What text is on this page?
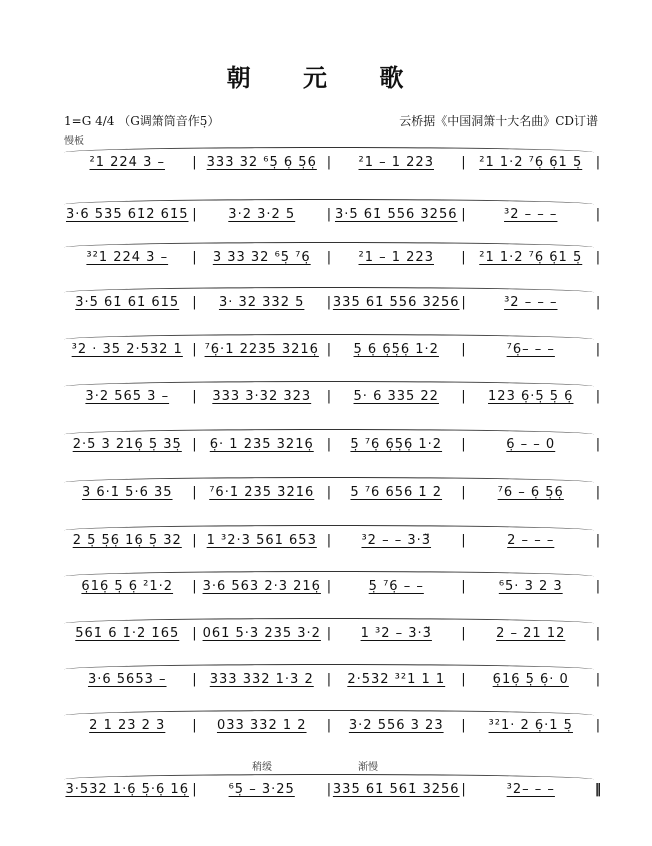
朝 元 歌
1=G 4/4 （G调箫筒音作5̣）	云桥据《中国洞箫十大名曲》CD订谱
慢板
稍缓	渐慢
²1 224 3 – |	333 32 ⁶5̣ 6̣ 5̣6̣ |	²1 – 1 223 |	²1 1·2 ⁷6̣ 6̣1 5̣
|
3·6 535 61̇2̇ 61̇5 |	3·2 3·2 5 |	3·5 61̇ 556 3256 |	³2 – – –
|
³²1 224 3 – |	3 33 32 ⁶5̣ ⁷6̣ |	²1 – 1 223 |	²1 1·2 ⁷6̣ 6̣1 5̣
|
3·5 61̇ 61̇ 61̇5 |	3· 32 332 5 |	335 61̇ 556 3256 |	³2 – – –
|
³2 · 35 2·532 1 |	⁷6̣·1 2235 3216̣ |	5̣ 6̣ 6̣5̣6̣ 1·2 |	⁷6̣– – –
|
3·2 565 3 – |	333 3·32 323 |	5· 6 335 22 |	123 6̣·5̣ 5̣ 6̣
|
2·5 3 216̣ 5̣ 35̣ |	6̣· 1 235 3216̣ |	5̣ ⁷6̣ 6̣5̣6̣ 1·2 |	6̣ – – 0
|
3 6·1̇ 5·6 35 |	⁷6·1̇ 2̇3̇5̇ 3̇2̇1̇6 |	5 ⁷6 656 1̇ 2̇ |	⁷6 – 6̣ 5̣6̣
|
2 5̣ 5̣6̣ 16̣ 5̣ 32 |	1 ³2·3 561̇ 653 |	³2 – – 3·3̈ |	2 – – –
|
6̣16̣ 5̣ 6̣ ²1·2 |	3·6 563 2·3 216̣ |	5̣ ⁷6̣ – – |	⁶5· 3 2 3
|
561̇ 6 1̇·2̇ 1̇65 |	061̇ 5·3 235 3·2 |	1 ³2 – 3·3̈ |	2 – 21 12
|
3·6 5653 – |	333 332 1·3 2 |	2·532 ³²1 1 1 |	6̣16̣ 5̣ 6̣· 0
|
2 1 23 2 3 |	033 332 1 2 |	3·2 556 3 23 |	³²1· 2 6̣·1 5̣
|
3·532 1·6̣ 5̣·6̣ 16̣ |	⁶5̣ – 3·25 |	335 61̇ 561̇ 3256 |	³2– – –
‖
